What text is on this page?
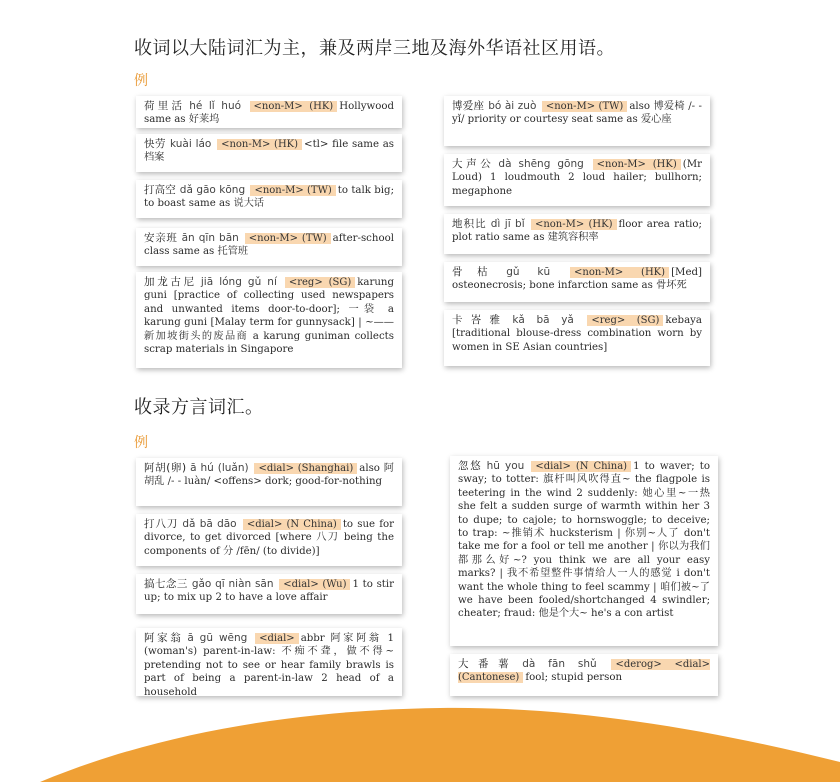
收词以大陆词汇为主，兼及两岸三地及海外华语社区用语。
例
荷里活 hé lǐ huó <non-M> (HK) Hollywood same as 好莱坞
快劳 kuài láo <non-M> (HK) <tl> file same as 档案
打高空 dǎ gāo kōng <non-M> (TW) to talk big; to boast same as 说大话
安亲班 ān qīn bān <non-M> (TW) after-school class same as 托管班
加龙古尼 jiā lóng gǔ ní <reg> (SG) karung guni [practice of collecting used newspapers and unwanted items door-to-door]; 一袋 a karung guni [Malay term for gunnysack] | ~——新加坡街头的废品商 a karung guniman collects scrap materials in Singapore
博爱座 bó ài zuò <non-M> (TW) also 博爱椅 /- - yǐ/ priority or courtesy seat same as 爱心座
大声公 dà shēng gōng <non-M> (HK) (Mr Loud) 1 loudmouth 2 loud hailer; bullhorn; megaphone
地积比 dì jī bǐ <non-M> (HK) floor area ratio; plot ratio same as 建筑容积率
骨枯 gǔ kū <non-M> (HK) [Med] osteonecrosis; bone infarction same as 骨坏死
卡峇雅 kǎ bā yǎ <reg> (SG) kebaya [traditional blouse-dress combination worn by women in SE Asian countries]
收录方言词汇。
例
阿胡(卵) ā hú (luǎn) <dial> (Shanghai) also 阿胡乱 /- - luàn/ <offens> dork; good-for-nothing
打八刀 dǎ bā dāo <dial> (N China) to sue for divorce, to get divorced [where 八刀 being the components of 分 /fēn/ (to divide)]
搞七念三 gǎo qī niàn sān <dial> (Wu) 1 to stir up; to mix up 2 to have a love affair
阿家翁 ā gū wēng <dial> abbr 阿家阿翁 1 (woman's) parent-in-law: 不痴不聋，做不得~ pretending not to see or hear family brawls is part of being a parent-in-law 2 head of a household
忽悠 hū you <dial> (N China) 1 to waver; to sway; to totter: 旗杆叫风吹得直~ the flagpole is teetering in the wind 2 suddenly: 她心里~一热 she felt a sudden surge of warmth within her 3 to dupe; to cajole; to hornswoggle; to deceive; to trap: ~推销术 hucksterism | 你别~人了 don't take me for a fool or tell me another | 你以为我们都那么好~? you think we are all your easy marks? | 我不希望整件事情给人一人的感觉 i don't want the whole thing to feel scammy | 咱们被~了 we have been fooled/shortchanged 4 swindler; cheater; fraud: 他是个大~ he's a con artist
大番薯 dà fān shǔ <derog> <dial> (Cantonese) fool; stupid person
